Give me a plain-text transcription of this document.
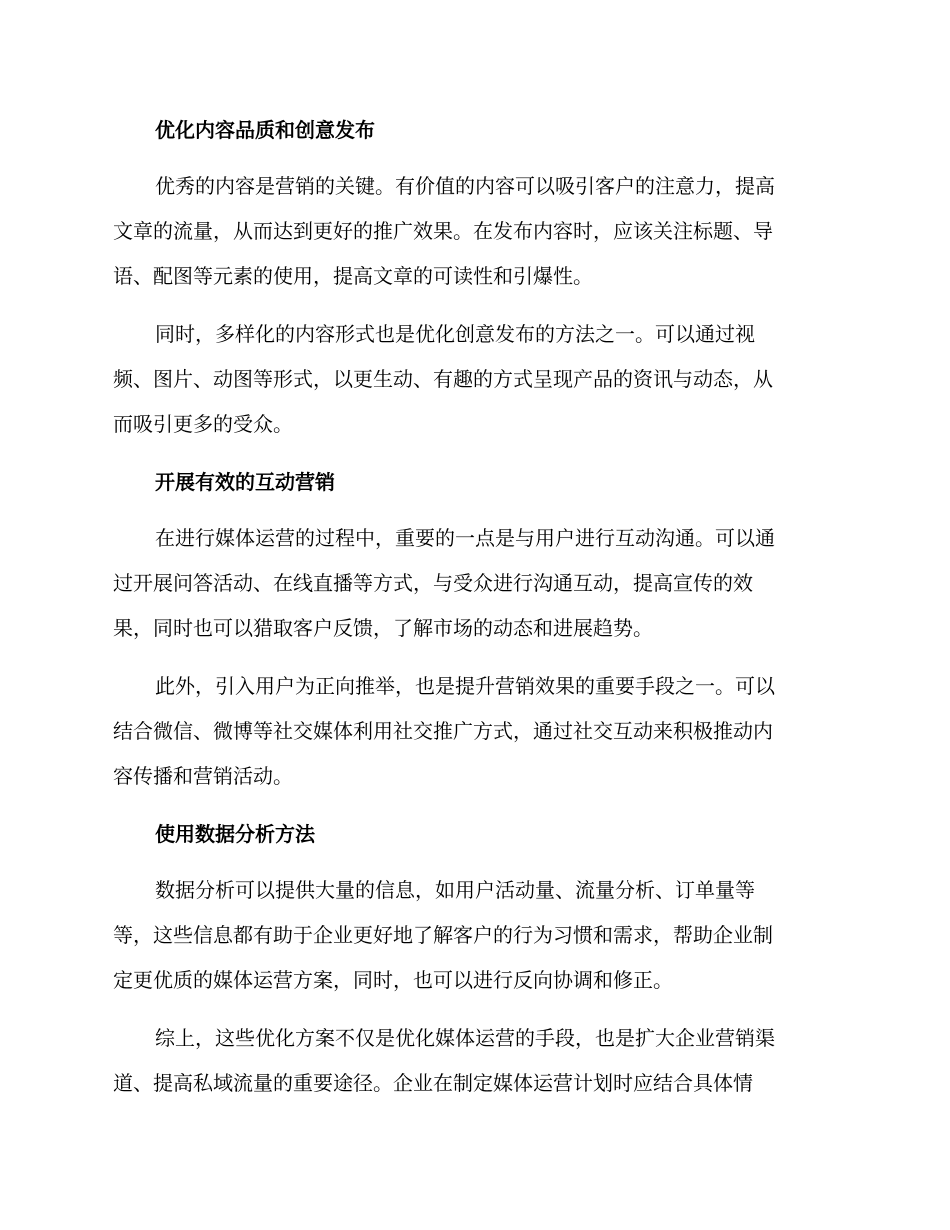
优化内容品质和创意发布
优秀的内容是营销的关键。有价值的内容可以吸引客户的注意力，提高
文章的流量，从而达到更好的推广效果。在发布内容时，应该关注标题、导
语、配图等元素的使用，提高文章的可读性和引爆性。
同时，多样化的内容形式也是优化创意发布的方法之一。可以通过视
频、图片、动图等形式，以更生动、有趣的方式呈现产品的资讯与动态，从
而吸引更多的受众。
开展有效的互动营销
在进行媒体运营的过程中，重要的一点是与用户进行互动沟通。可以通
过开展问答活动、在线直播等方式，与受众进行沟通互动，提高宣传的效
果，同时也可以猎取客户反馈，了解市场的动态和进展趋势。
此外，引入用户为正向推举，也是提升营销效果的重要手段之一。可以
结合微信、微博等社交媒体利用社交推广方式，通过社交互动来积极推动内
容传播和营销活动。
使用数据分析方法
数据分析可以提供大量的信息，如用户活动量、流量分析、订单量等
等，这些信息都有助于企业更好地了解客户的行为习惯和需求，帮助企业制
定更优质的媒体运营方案，同时，也可以进行反向协调和修正。
综上，这些优化方案不仅是优化媒体运营的手段，也是扩大企业营销渠
道、提高私域流量的重要途径。企业在制定媒体运营计划时应结合具体情
